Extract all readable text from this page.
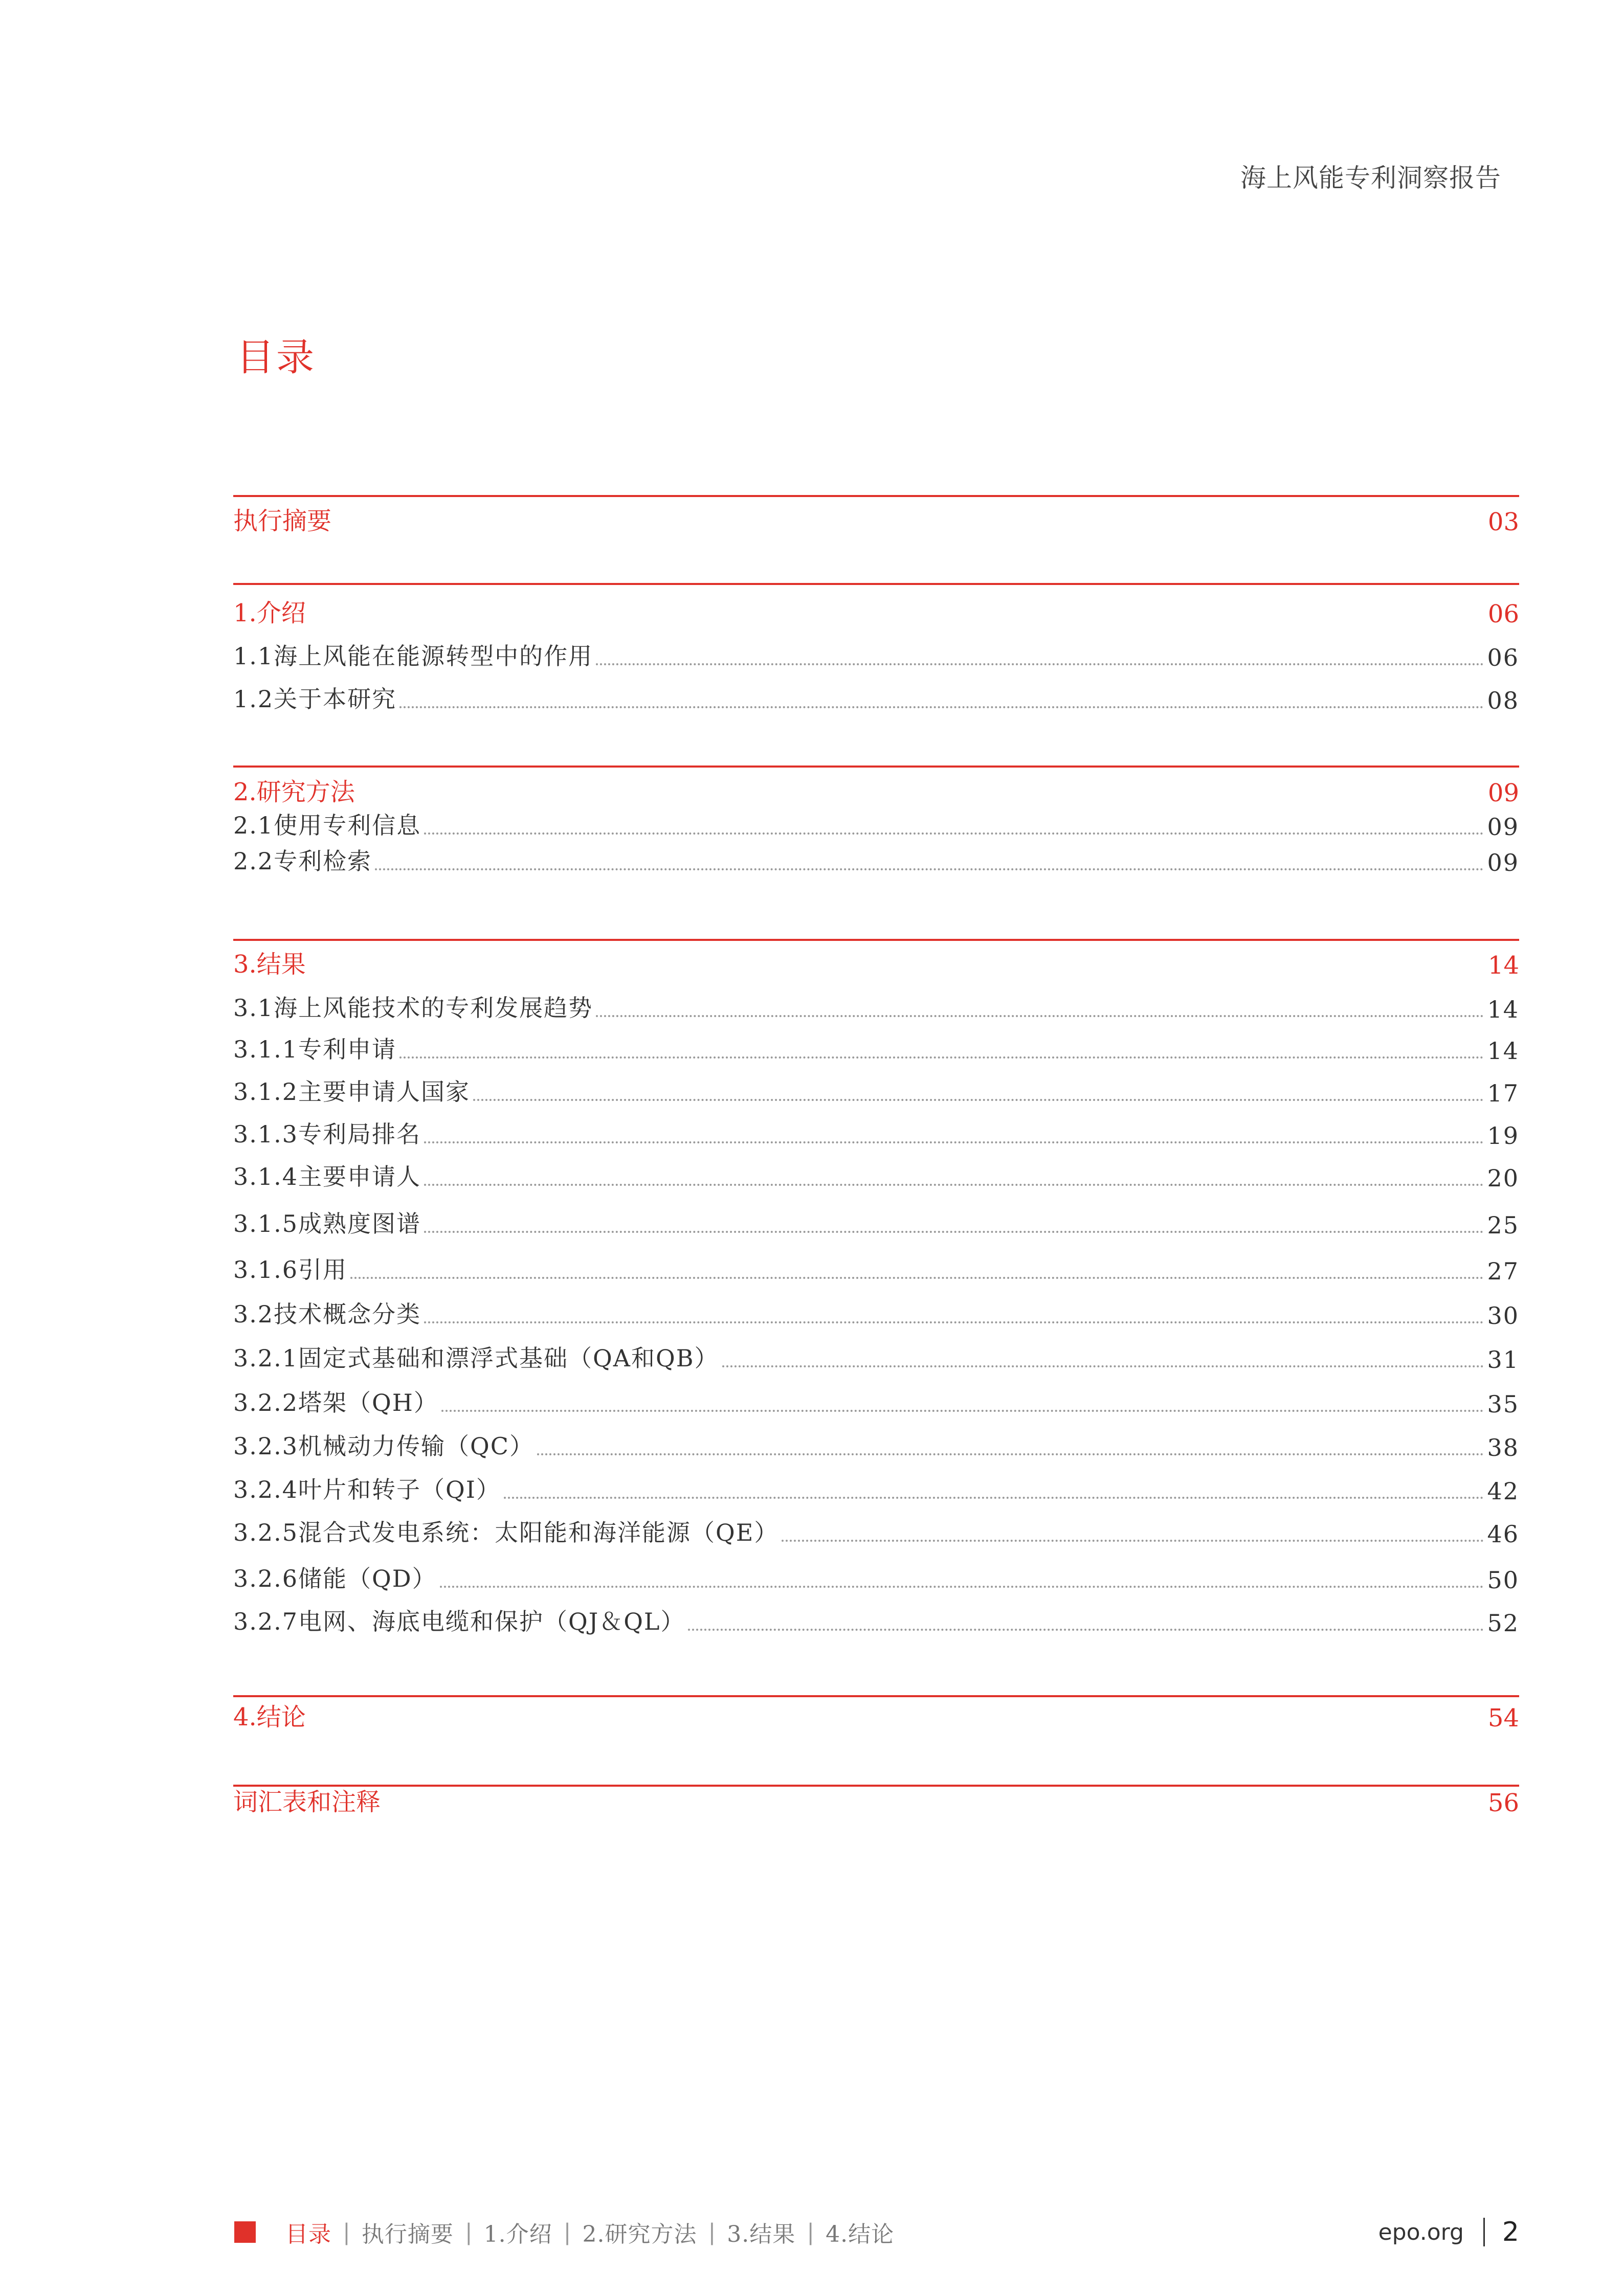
海上风能专利洞察报告
目录
执行摘要	03
1.介绍	06
1.1海上风能在能源转型中的作用	06
1.2关于本研究	08
2.研究方法	09
2.1使用专利信息	09
2.2专利检索	09
3.结果	14
3.1海上风能技术的专利发展趋势	14
3.1.1专利申请	14
3.1.2主要申请人国家	17
3.1.3专利局排名	19
3.1.4主要申请人	20
3.1.5成熟度图谱	25
3.1.6引用	27
3.2技术概念分类	30
3.2.1固定式基础和漂浮式基础（QA和QB）	31
3.2.2塔架（QH）	35
3.2.3机械动力传输（QC）	38
3.2.4叶片和转子（QI）	42
3.2.5混合式发电系统：太阳能和海洋能源（QE）	46
3.2.6储能（QD）	50
3.2.7电网、海底电缆和保护（QJ＆QL）	52
4.结论	54
词汇表和注释	56
目录 | 执行摘要 | 1.介绍 | 2.研究方法 | 3.结果 | 4.结论	epo.org 2
